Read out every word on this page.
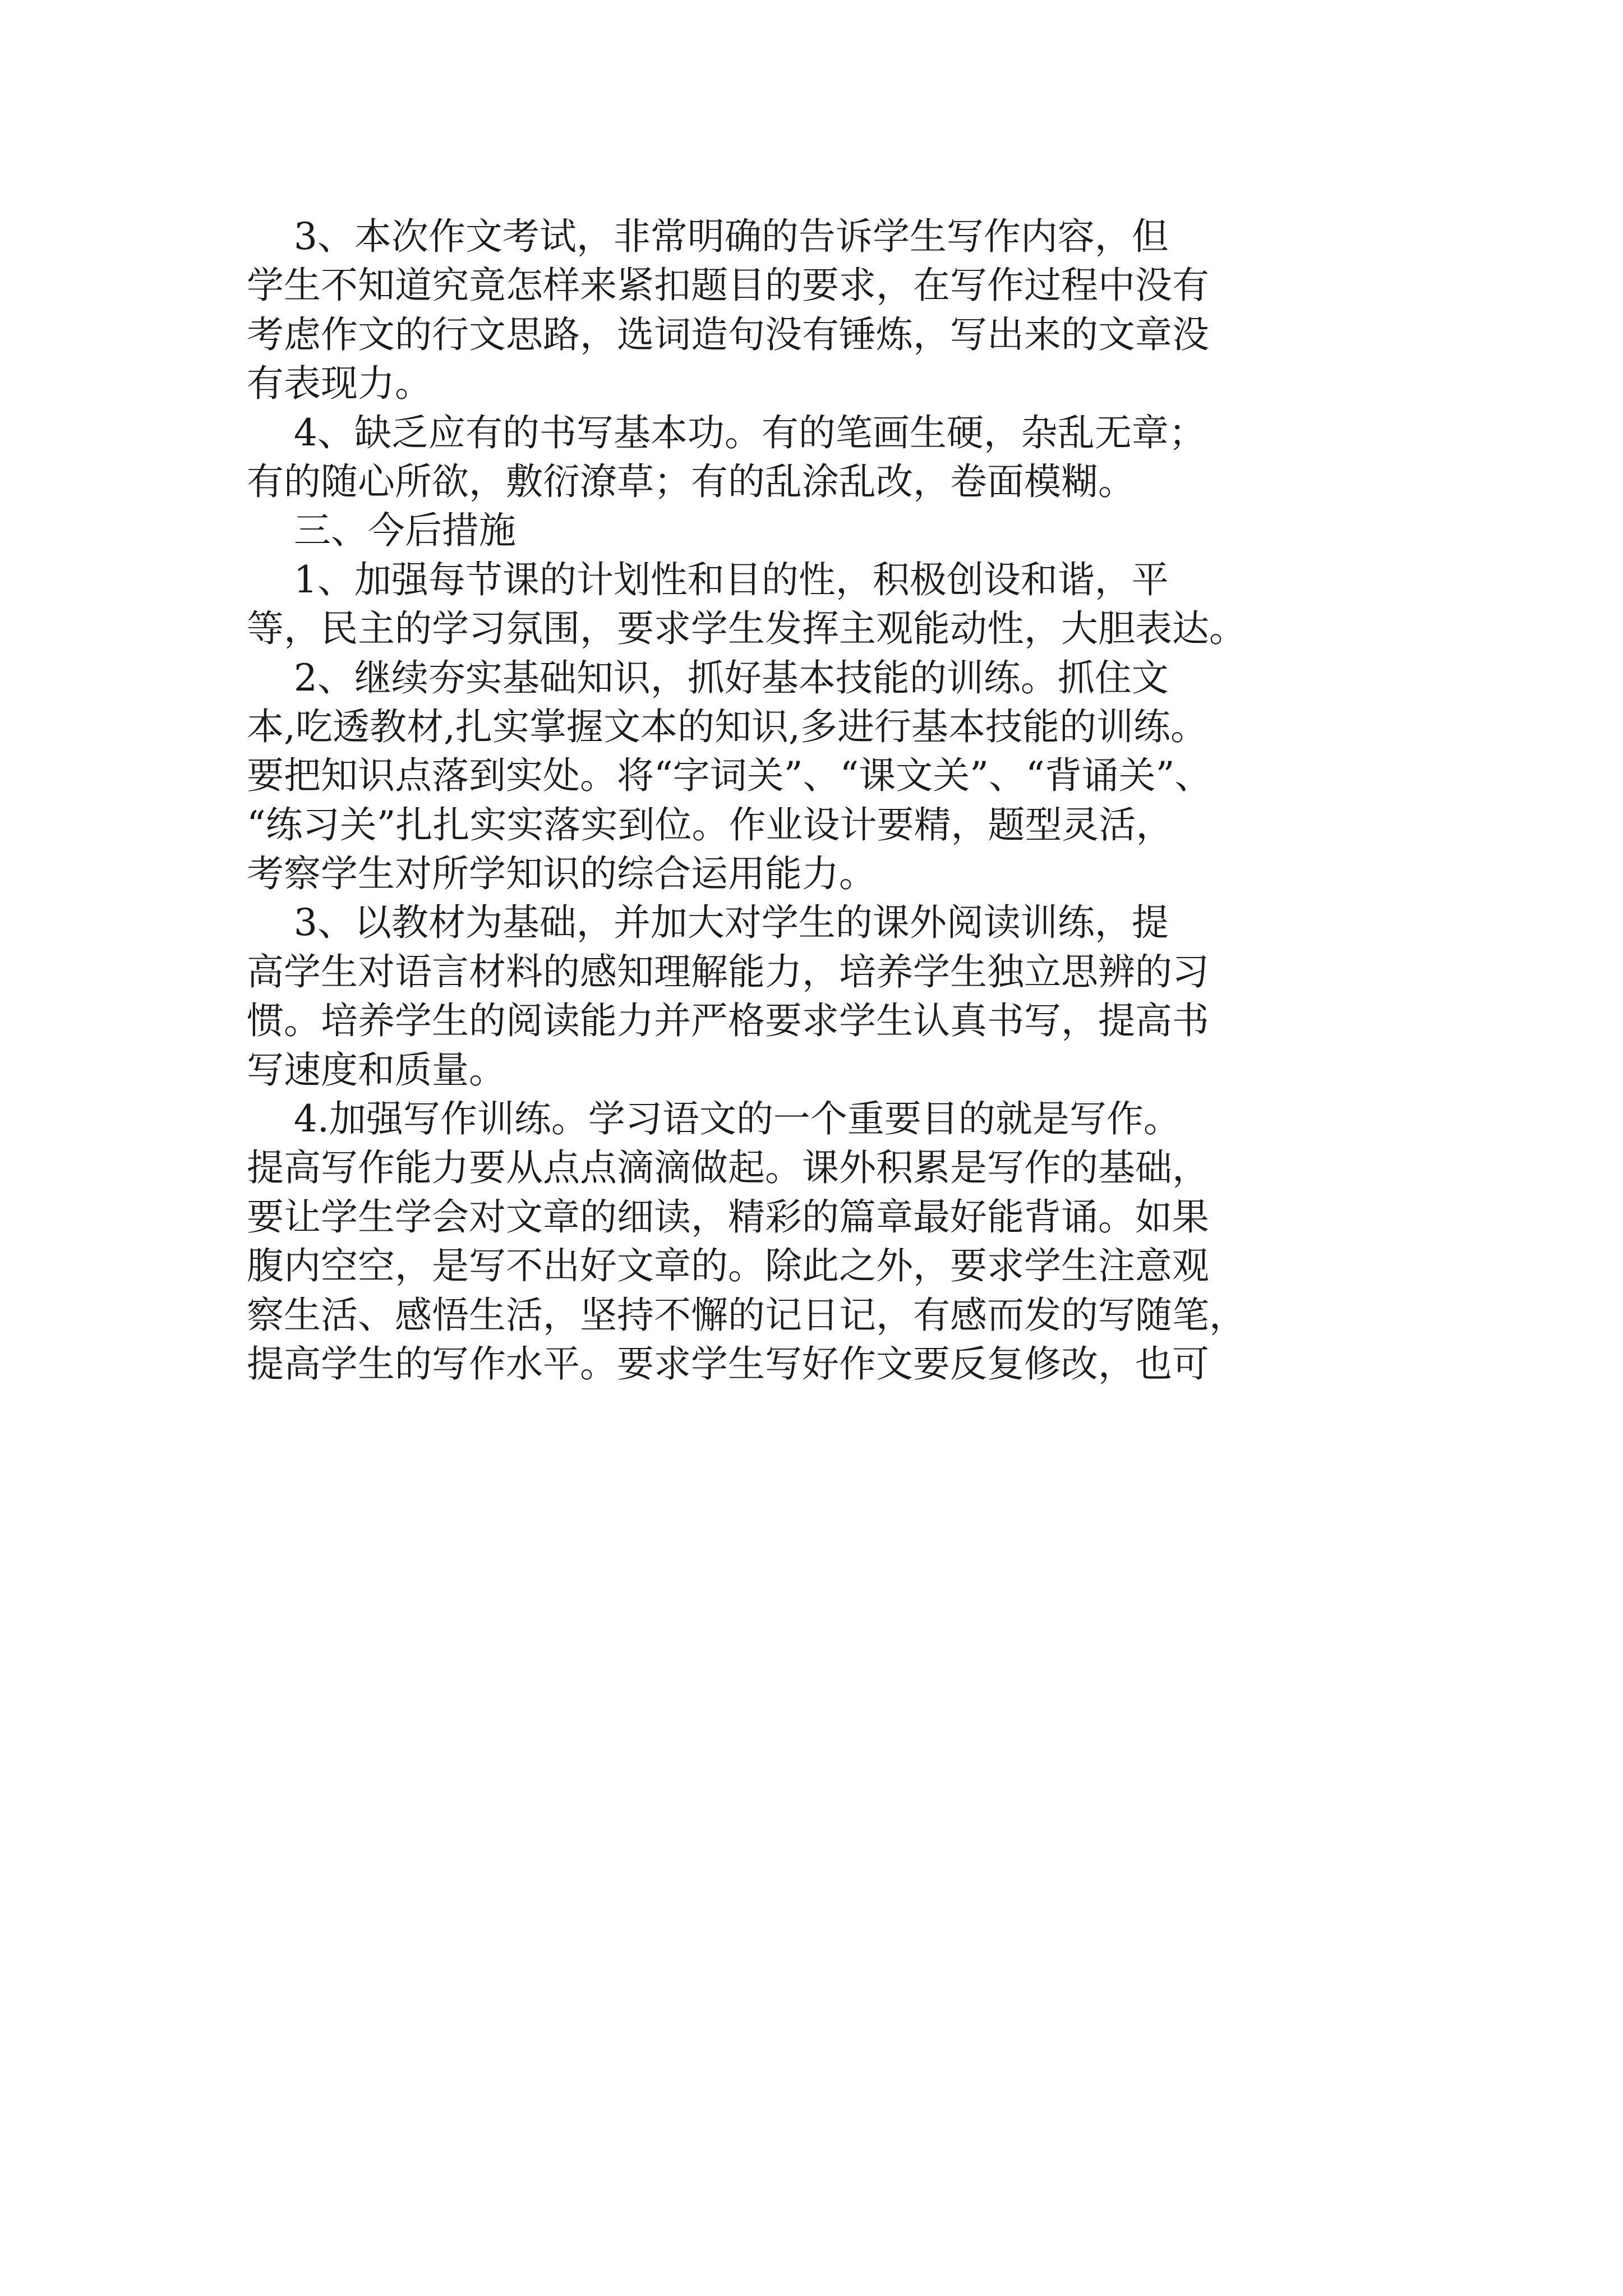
3、本次作文考试，非常明确的告诉学生写作内容，但
学生不知道究竟怎样来紧扣题目的要求，在写作过程中没有
考虑作文的行文思路，选词造句没有锤炼，写出来的文章没
有表现力。
4、缺乏应有的书写基本功。有的笔画生硬，杂乱无章；
有的随心所欲，敷衍潦草；有的乱涂乱改，卷面模糊。
三、今后措施
1、加强每节课的计划性和目的性，积极创设和谐，平
等，民主的学习氛围，要求学生发挥主观能动性，大胆表达。
2、继续夯实基础知识，抓好基本技能的训练。抓住文
本,吃透教材,扎实掌握文本的知识,多进行基本技能的训练。
要把知识点落到实处。将“字词关”、“课文关”、“背诵关”、
“练习关”扎扎实实落实到位。作业设计要精，题型灵活，
考察学生对所学知识的综合运用能力。
3、以教材为基础，并加大对学生的课外阅读训练，提
高学生对语言材料的感知理解能力，培养学生独立思辨的习
惯。培养学生的阅读能力并严格要求学生认真书写，提高书
写速度和质量。
4.加强写作训练。学习语文的一个重要目的就是写作。
提高写作能力要从点点滴滴做起。课外积累是写作的基础，
要让学生学会对文章的细读，精彩的篇章最好能背诵。如果
腹内空空，是写不出好文章的。除此之外，要求学生注意观
察生活、感悟生活，坚持不懈的记日记，有感而发的写随笔，
提高学生的写作水平。要求学生写好作文要反复修改，也可
